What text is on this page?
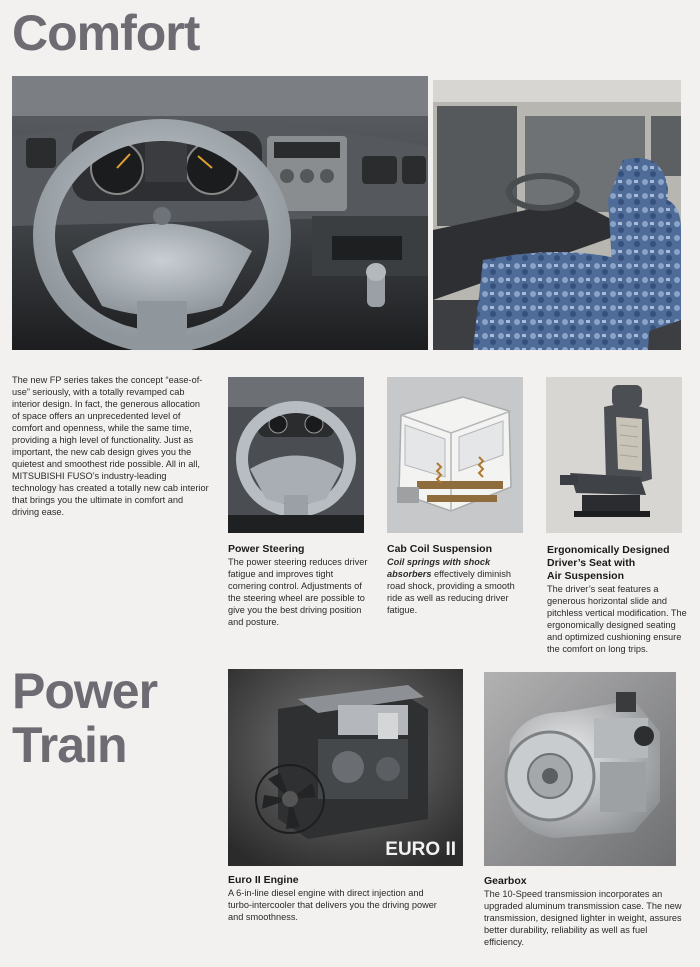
Comfort
The new FP series takes the concept “ease-of-use” seriously, with a totally revamped cab interior design. In fact, the generous allocation of space offers an unprecedented level of comfort and openness, while the same time, providing a high level of functionality. Just as important, the new cab design gives you the quietest and smoothest ride possible. All in all, MITSUBISHI FUSO’s industry-leading technology has created a totally new cab interior that brings you the ultimate in comfort and driving ease.
Power Steering
The power steering reduces driver fatigue and improves tight cornering control. Adjustments of the steering wheel are possible to give you the best driving position and posture.
Cab Coil Suspension
Coil springs with shock absorbers effectively diminish road shock, providing a smooth ride as well as reducing driver fatigue.
Ergonomically Designed
Driver’s Seat with
Air Suspension
The driver’s seat features a generous horizontal slide and pitchless vertical modification. The ergonomically designed seating and optimized cushioning ensure the comfort on long trips.
Power
Train
EURO II
Euro II Engine
A 6-in-line diesel engine with direct injection and turbo-intercooler that delivers you the driving power and smoothness.
Gearbox
The 10-Speed transmission incorporates an upgraded aluminum transmission case. The new transmission, designed lighter in weight, assures better durability, reliability as well as fuel efficiency.
